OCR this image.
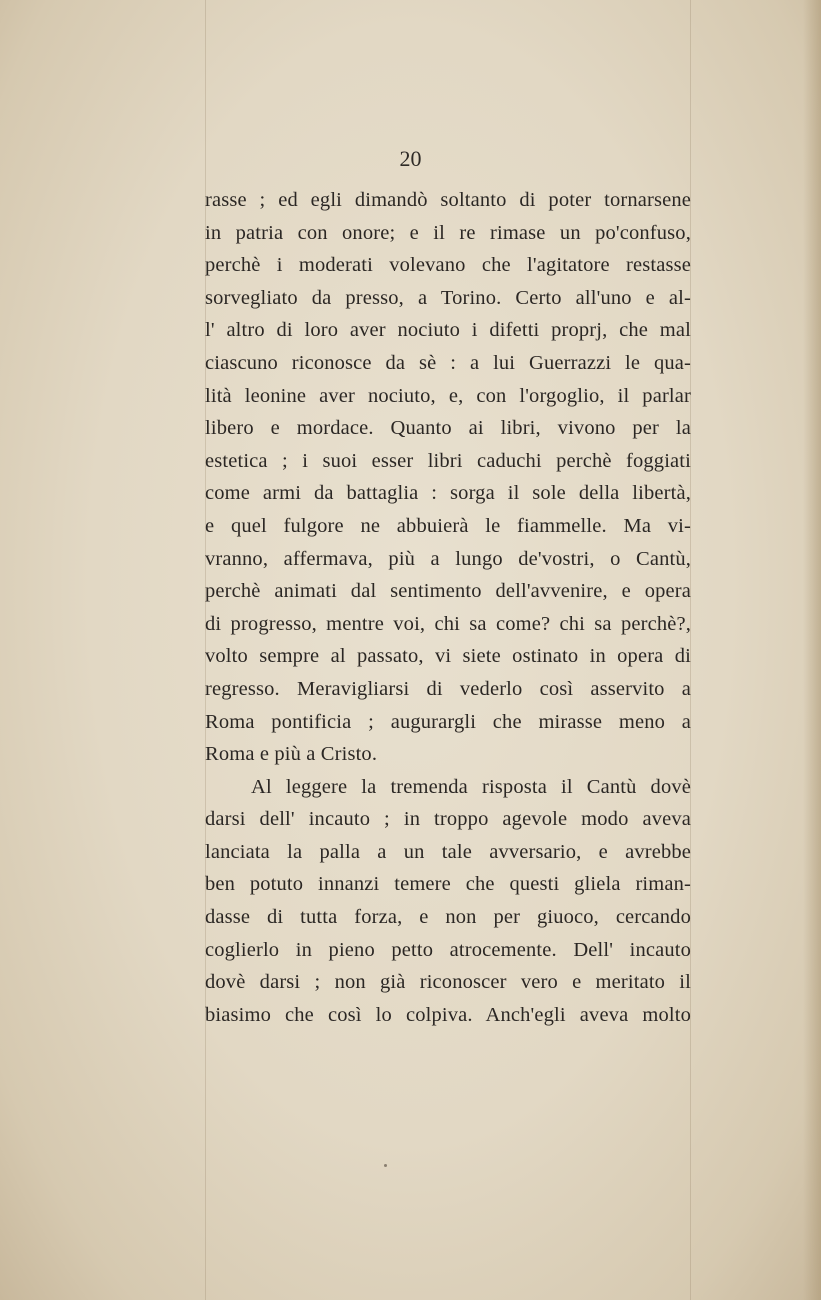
20
rasse ; ed egli dimandò soltanto di poter tornarsene
in patria con onore; e il re rimase un po'confuso,
perchè i moderati volevano che l'agitatore restasse
sorvegliato da presso, a Torino. Certo all'uno e al-
l' altro di loro aver nociuto i difetti proprj, che mal
ciascuno riconosce da sè : a lui Guerrazzi le qua-
lità leonine aver nociuto, e, con l'orgoglio, il parlar
libero e mordace. Quanto ai libri, vivono per la
estetica ; i suoi esser libri caduchi perchè foggiati
come armi da battaglia : sorga il sole della libertà,
e quel fulgore ne abbuierà le fiammelle. Ma vi-
vranno, affermava, più a lungo de'vostri, o Cantù,
perchè animati dal sentimento dell'avvenire, e opera
di progresso, mentre voi, chi sa come? chi sa perchè?,
volto sempre al passato, vi siete ostinato in opera di
regresso. Meravigliarsi di vederlo così asservito a
Roma pontificia ; augurargli che mirasse meno a
Roma e più a Cristo.
Al leggere la tremenda risposta il Cantù dovè
darsi dell' incauto ; in troppo agevole modo aveva
lanciata la palla a un tale avversario, e avrebbe
ben potuto innanzi temere che questi gliela riman-
dasse di tutta forza, e non per giuoco, cercando
coglierlo in pieno petto atrocemente. Dell' incauto
dovè darsi ; non già riconoscer vero e meritato il
biasimo che così lo colpiva. Anch'egli aveva molto
